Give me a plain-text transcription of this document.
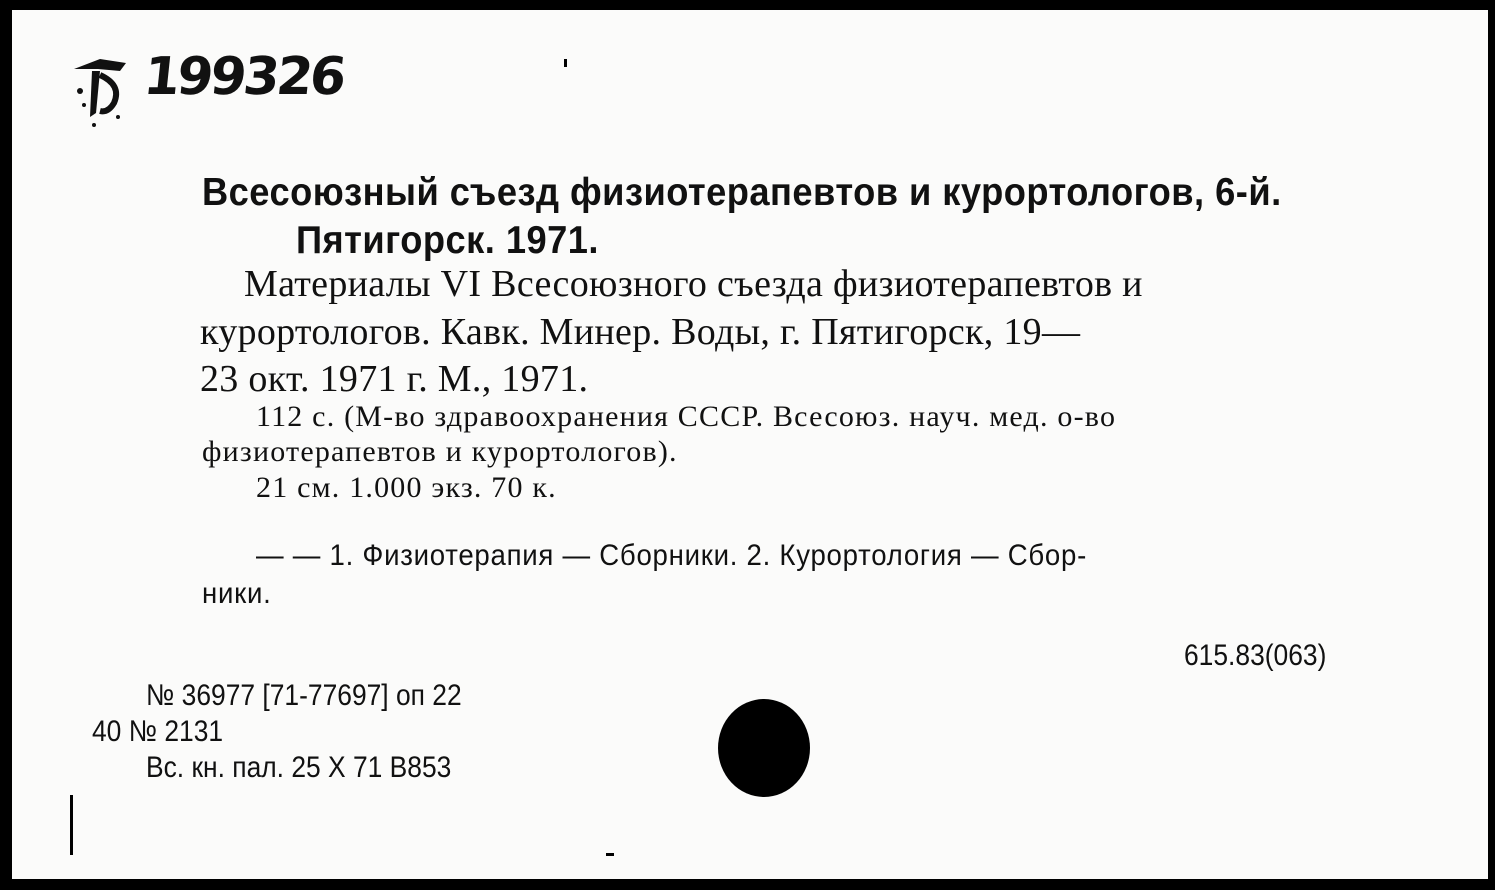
199326
Всесоюзный съезд физиотерапевтов и курортологов, 6-й.
Пятигорск. 1971.
Материалы VI Всесоюзного съезда физиотерапевтов и
курортологов. Кавк. Минер. Воды, г. Пятигорск, 19—
23 окт. 1971 г. М., 1971.
112 с. (М-во здравоохранения СССР. Всесоюз. науч. мед. о-во
физиотерапевтов и курортологов).
21 см. 1.000 экз. 70 к.
— — 1. Физиотерапия — Сборники. 2. Курортология — Сбор-
ники.
615.83(063)
№ 36977 [71-77697] оп 22
40 № 2131
Вс. кн. пал. 25 X 71 В853
